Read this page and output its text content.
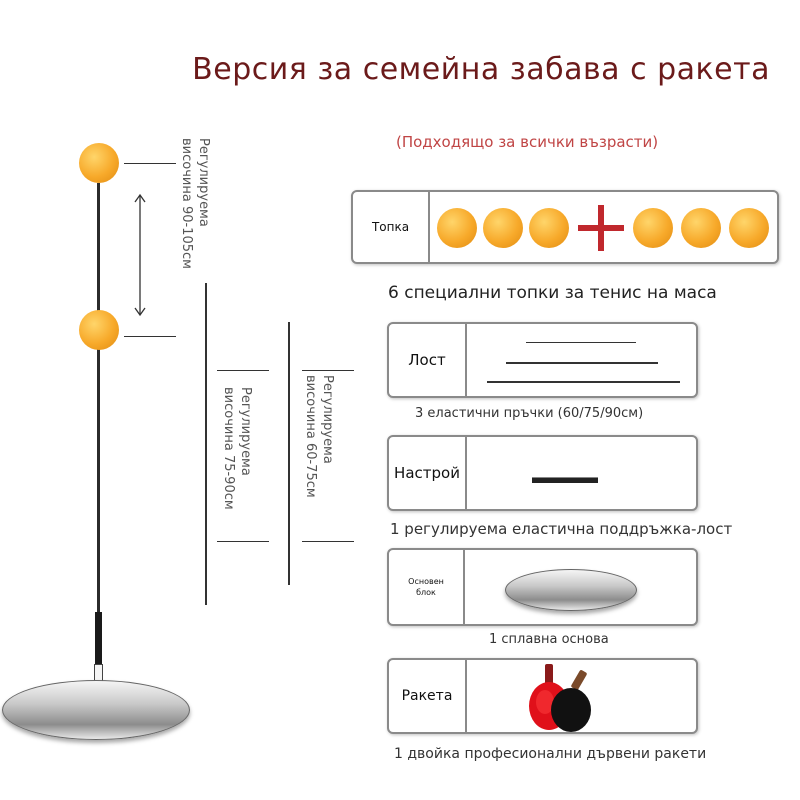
Версия за семейна забава с ракета
(Подходящо за всички възрасти)
Регулируема
височина 90-105см
Регулируема
височина 75-90см	Регулируема
височина 60-75см
Топка
6 специални топки за тенис на маса
Лост
3 еластични пръчки (60/75/90см)
Настрой
1 регулируема еластична поддръжка-лост
Основен блок
1 сплавна основа
Ракета
1 двойка професионални дървени ракети
